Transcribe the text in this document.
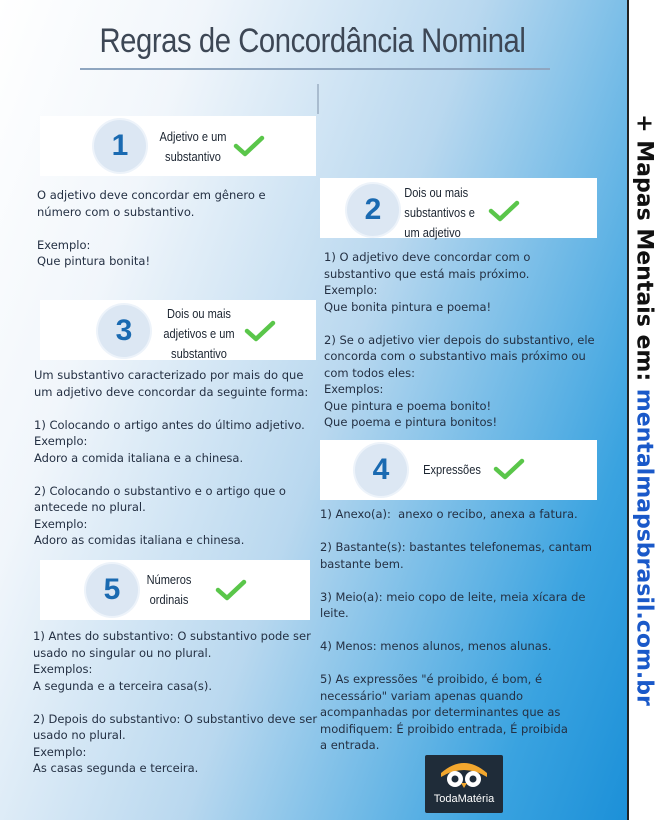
Regras de Concordância Nominal
1	Adjetivo e um substantivo
O adjetivo deve concordar em gênero e
número com o substantivo.

Exemplo:
Que pintura bonita!
2
Dois ou mais substantivos e um adjetivo
1) O adjetivo deve concordar com o
substantivo que está mais próximo.
Exemplo:
Que bonita pintura e poema!

2) Se o adjetivo vier depois do substantivo, ele
concorda com o substantivo mais próximo ou
com todos eles:
Exemplos:
Que pintura e poema bonito!
Que poema e pintura bonitos!
3
Dois ou mais adjetivos e um substantivo
Um substantivo caracterizado por mais do que
um adjetivo deve concordar da seguinte forma:

1) Colocando o artigo antes do último adjetivo.
Exemplo:
Adoro a comida italiana e a chinesa.

2) Colocando o substantivo e o artigo que o
antecede no plural.
Exemplo:
Adoro as comidas italiana e chinesa.
4	Expressões
1) Anexo(a):  anexo o recibo, anexa a fatura.

2) Bastante(s): bastantes telefonemas, cantam
bastante bem.

3) Meio(a): meio copo de leite, meia xícara de
leite.

4) Menos: menos alunos, menos alunas.

5) As expressões "é proibido, é bom, é
necessário" variam apenas quando
acompanhadas por determinantes que as
modifiquem: É proibido entrada, É proibida
a entrada.
5	Números ordinais
1) Antes do substantivo: O substantivo pode ser
usado no singular ou no plural.
Exemplos:
A segunda e a terceira casa(s).

2) Depois do substantivo: O substantivo deve ser
usado no plural.
Exemplo:
As casas segunda e terceira.
TodaMatéria
+ Mapas Mentais em: mentalmapsbrasil.com.br
